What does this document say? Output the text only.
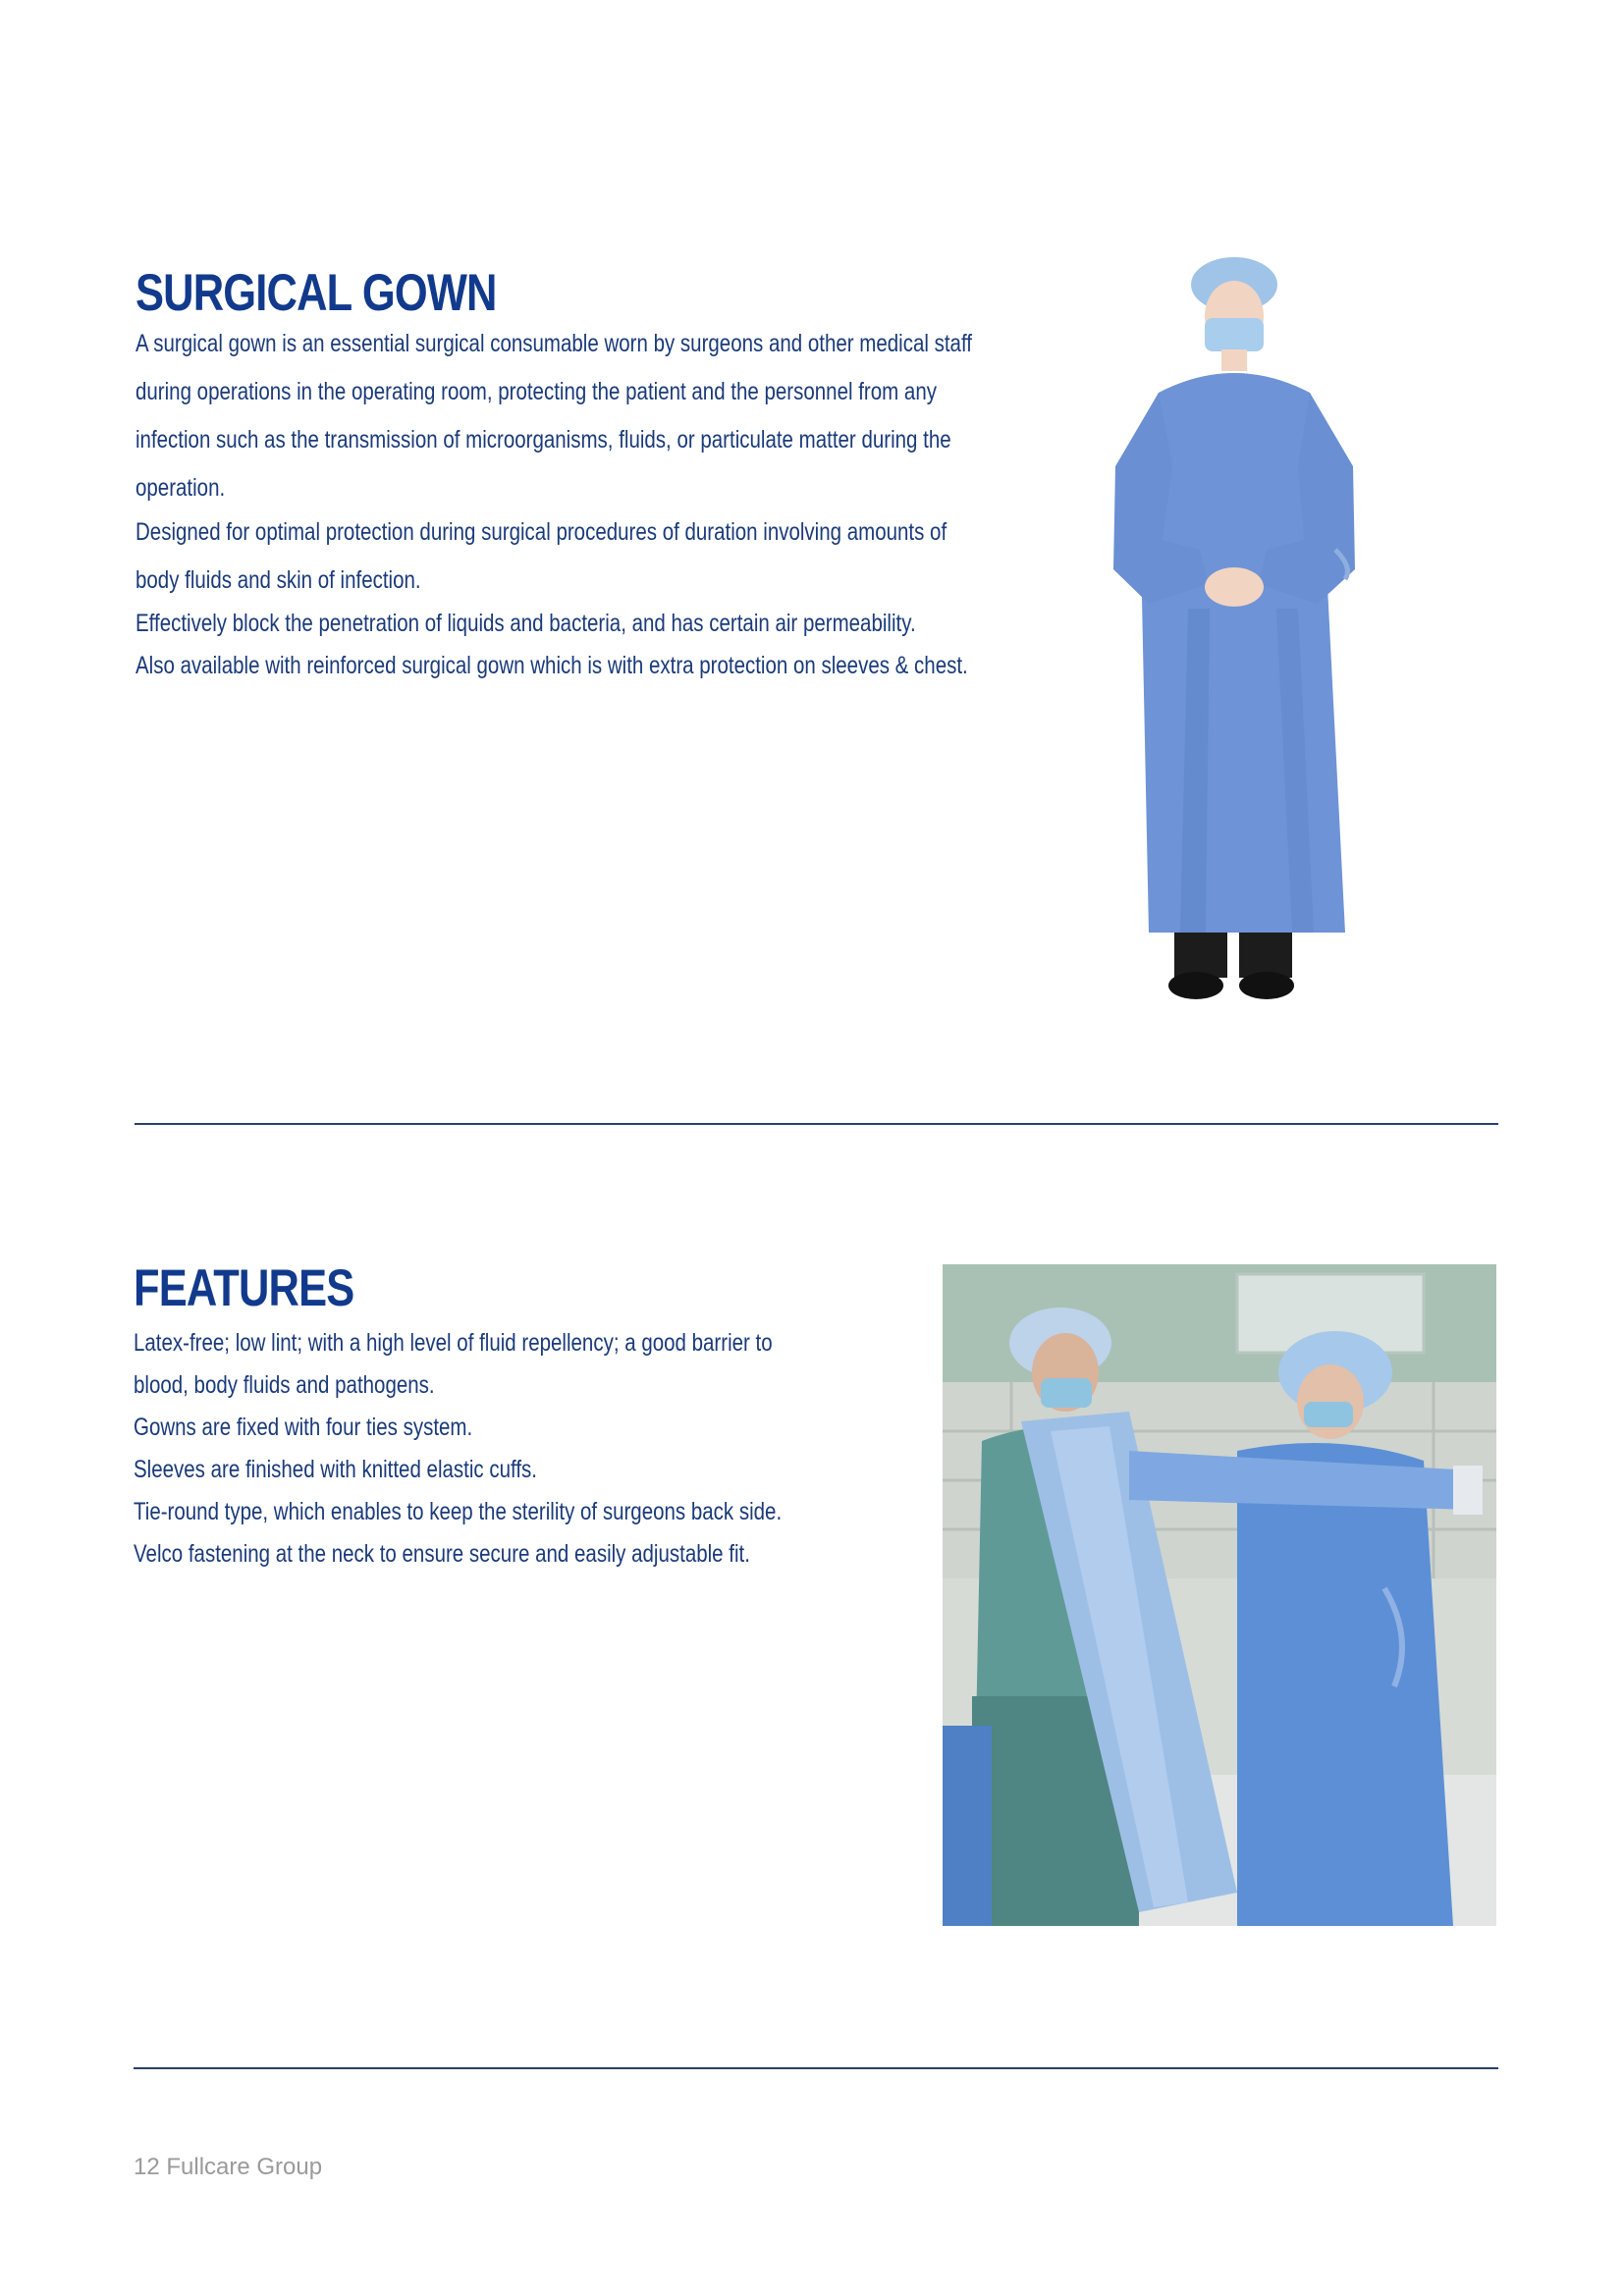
SURGICAL GOWN
A surgical gown is an essential surgical consumable worn by surgeons and other medical staff
during operations in the operating room, protecting the patient and the personnel from any
infection such as the transmission of microorganisms, fluids, or particulate matter during the
operation.
Designed for optimal protection during surgical procedures of duration involving amounts of
body fluids and skin of infection.
Effectively block the penetration of liquids and bacteria, and has certain air permeability.
Also available with reinforced surgical gown which is with extra protection on sleeves & chest.
FEATURES
Latex-free; low lint; with a high level of fluid repellency; a good barrier to
blood, body fluids and pathogens.
Gowns are fixed with four ties system.
Sleeves are finished with knitted elastic cuffs.
Tie-round type, which enables to keep the sterility of surgeons back side.
Velco fastening at the neck to ensure secure and easily adjustable fit.
12 Fullcare Group
